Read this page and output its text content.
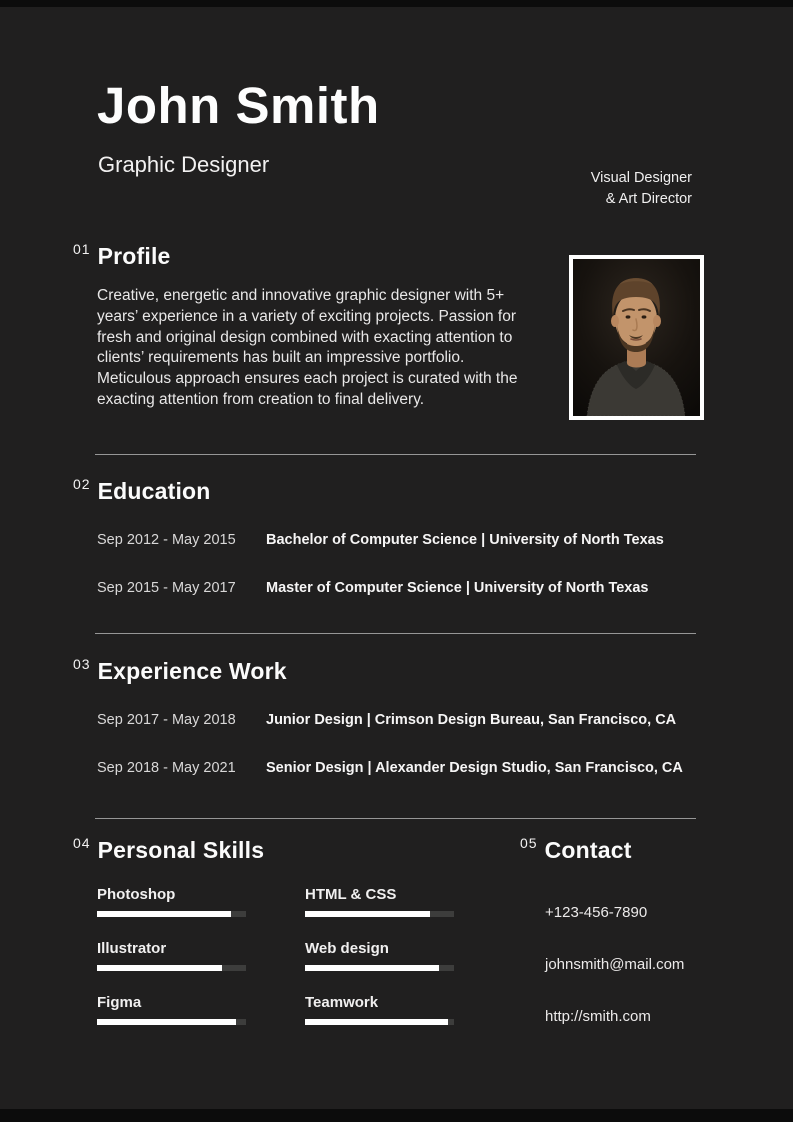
John Smith
Graphic Designer
Visual Designer
& Art Director
01 Profile

Creative, energetic and innovative graphic designer with 5+ years’ experience in a variety of exciting projects. Passion for fresh and original design combined with exacting attention to clients’ requirements has built an impressive portfolio. Meticulous approach ensures each project is curated with the exacting attention from creation to final delivery.

02 Education
Sep 2012 - May 2015	Bachelor of Computer Science | University of North Texas
Sep 2015 - May 2017	Master of Computer Science | University of North Texas
03 Experience Work
Sep 2017 - May 2018	Junior Design | Crimson Design Bureau, San Francisco, CA
Sep 2018 - May 2021	Senior Design | Alexander Design Studio, San Francisco, CA
04 Personal Skills
Photoshop
Illustrator
Figma
HTML & CSS
Web design
Teamwork
05 Contact
+123-456-7890
johnsmith@mail.com
http://smith.com
